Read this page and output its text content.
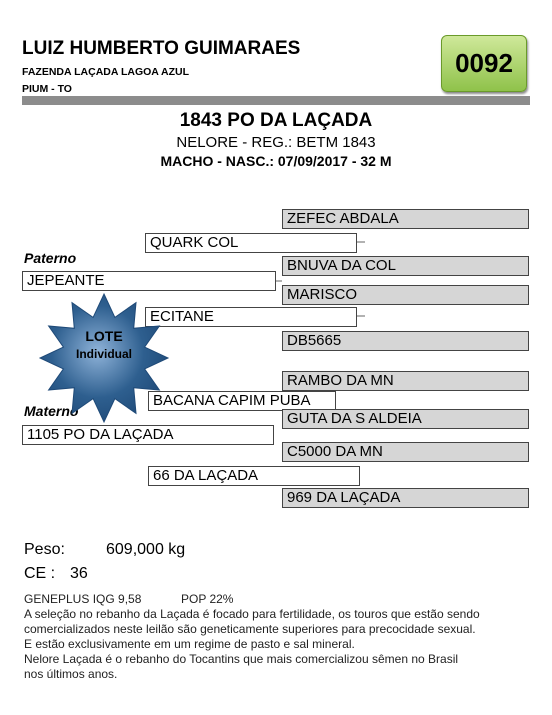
LUIZ HUMBERTO GUIMARAES
FAZENDA LAÇADA LAGOA AZUL
PIUM - TO
0092
1843 PO DA LAÇADA
NELORE - REG.: BETM 1843
MACHO - NASC.: 07/09/2017 - 32 M
ZEFEC ABDALA
QUARK COL
Paterno	BNUVA DA COL
JEPEANTE
MARISCO
ECITANE
DB5665
RAMBO DA MN
BACANA CAPIM PUBA
Materno	GUTA DA S ALDEIA
1105 PO DA LAÇADA
C5000 DA MN
66 DA LAÇADA
969 DA LAÇADA
LOTE
Individual
Peso:	609,000 kg
CE : 36
GENEPLUS IQG 9,58	POP 22%
A seleção no rebanho da Laçada é focado para fertilidade, os touros que estão sendo
comercializados neste leilão são geneticamente superiores para precocidade sexual.
E estão exclusivamente em um regime de pasto e sal mineral.
Nelore Laçada é o rebanho do Tocantins que mais comercializou sêmen no Brasil
nos últimos anos.
